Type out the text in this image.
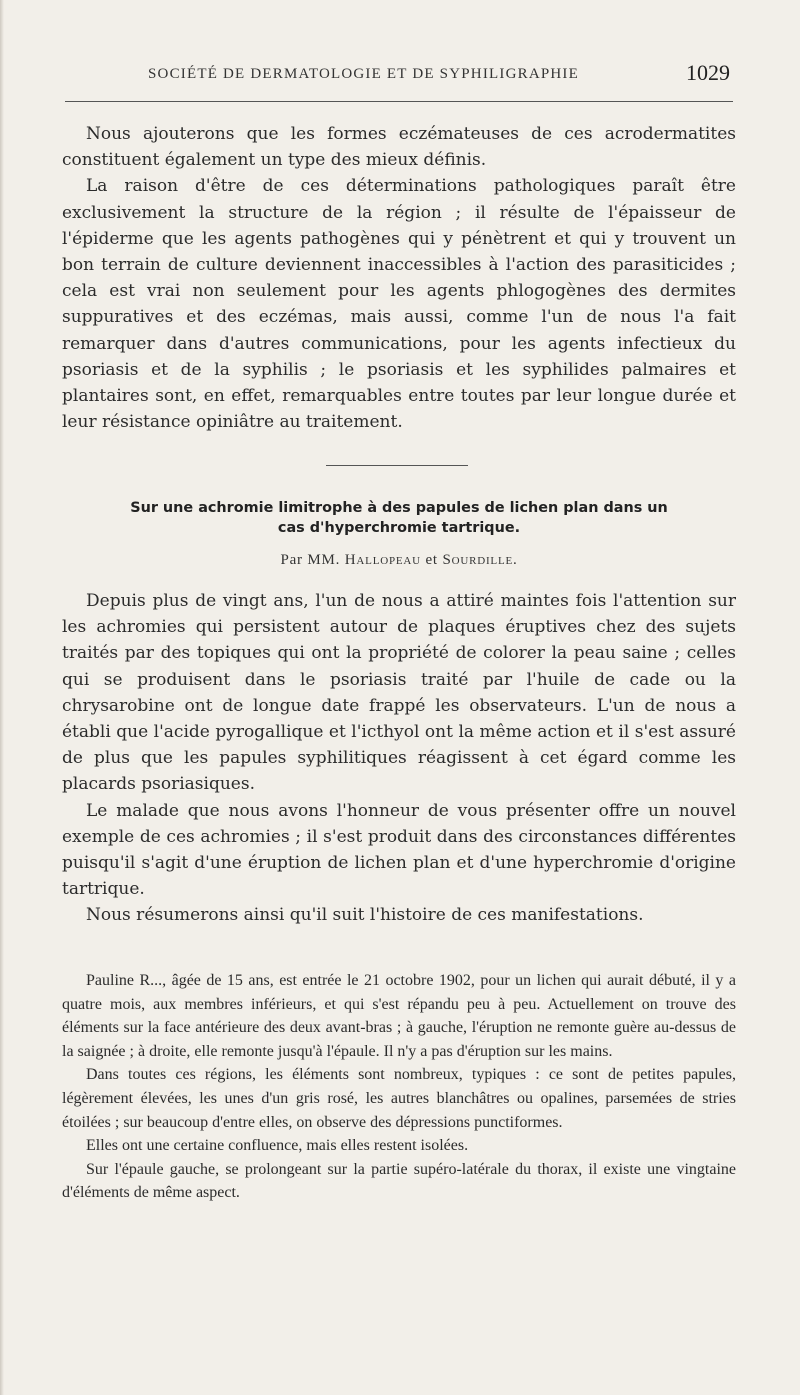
SOCIÉTÉ DE DERMATOLOGIE ET DE SYPHILIGRAPHIE	1029

Nous ajouterons que les formes eczémateuses de ces acrodermatites constituent également un type des mieux définis.

La raison d'être de ces déterminations pathologiques paraît être exclusivement la structure de la région ; il résulte de l'épaisseur de l'épiderme que les agents pathogènes qui y pénètrent et qui y trouvent un bon terrain de culture deviennent inaccessibles à l'action des parasiticides ; cela est vrai non seulement pour les agents phlogogènes des dermites suppuratives et des eczémas, mais aussi, comme l'un de nous l'a fait remarquer dans d'autres communications, pour les agents infectieux du psoriasis et de la syphilis ; le psoriasis et les syphilides palmaires et plantaires sont, en effet, remarquables entre toutes par leur longue durée et leur résistance opiniâtre au traitement.

Sur une achromie limitrophe à des papules de lichen plan dans un
cas d'hyperchromie tartrique.
Par MM. Hallopeau et Sourdille.

Depuis plus de vingt ans, l'un de nous a attiré maintes fois l'attention sur les achromies qui persistent autour de plaques éruptives chez des sujets traités par des topiques qui ont la propriété de colorer la peau saine ; celles qui se produisent dans le psoriasis traité par l'huile de cade ou la chrysarobine ont de longue date frappé les observateurs. L'un de nous a établi que l'acide pyrogallique et l'icthyol ont la même action et il s'est assuré de plus que les papules syphilitiques réagissent à cet égard comme les placards psoriasiques.

Le malade que nous avons l'honneur de vous présenter offre un nouvel exemple de ces achromies ; il s'est produit dans des circonstances différentes puisqu'il s'agit d'une éruption de lichen plan et d'une hyperchromie d'origine tartrique.

Nous résumerons ainsi qu'il suit l'histoire de ces manifestations.

Pauline R..., âgée de 15 ans, est entrée le 21 octobre 1902, pour un lichen qui aurait débuté, il y a quatre mois, aux membres inférieurs, et qui s'est répandu peu à peu. Actuellement on trouve des éléments sur la face antérieure des deux avant-bras ; à gauche, l'éruption ne remonte guère au-dessus de la saignée ; à droite, elle remonte jusqu'à l'épaule. Il n'y a pas d'éruption sur les mains.

Dans toutes ces régions, les éléments sont nombreux, typiques : ce sont de petites papules, légèrement élevées, les unes d'un gris rosé, les autres blanchâtres ou opalines, parsemées de stries étoilées ; sur beaucoup d'entre elles, on observe des dépressions punctiformes.

Elles ont une certaine confluence, mais elles restent isolées.

Sur l'épaule gauche, se prolongeant sur la partie supéro-latérale du thorax, il existe une vingtaine d'éléments de même aspect.
